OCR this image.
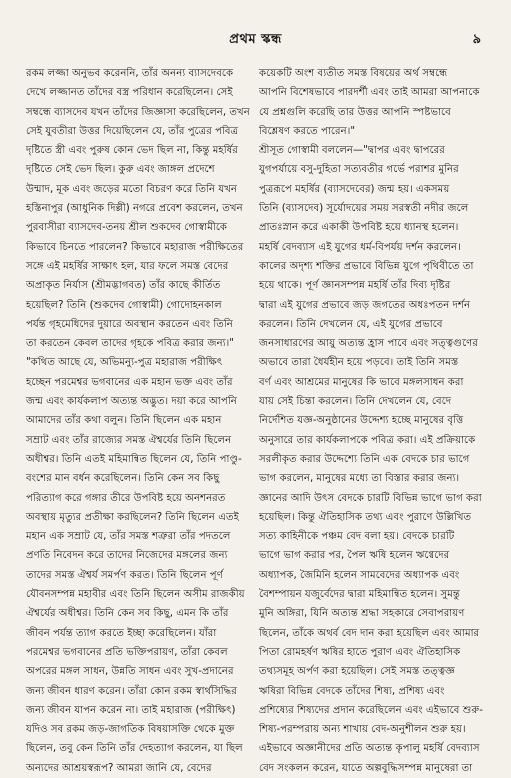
প্রথম স্কন্ধ	৯
রকম লজ্জা অনুভব করেননি, তাঁর অনন্য ব্যাসদেবকে
দেখে লজ্জানত তাঁদের বস্ত্র পরিধান করেছিলেন। সেই
সম্বন্ধে ব্যাসদেব যখন তাঁদের জিজ্ঞাসা করেছিলেন, তখন
সেই যুবতীরা উত্তর দিয়েছিলেন যে, তাঁর পুত্রের পবিত্র
দৃষ্টিতে স্ত্রী এবং পুরুষ কোন ভেদ ছিল না, কিন্তু মহর্ষির
দৃষ্টিতে সেই ভেদ ছিল। কুরু এবং জাঙ্গল প্রদেশে
উন্মাদ, মূক এবং জড়ের মতো বিচরণ করে তিনি যখন
হস্তিনাপুর (আধুনিক দিল্লী) নগরে প্রবেশ করলেন, তখন
পুরবাসীরা ব্যাসদেব-তনয় শ্রীল শুকদেব গোস্বামীকে
কিভাবে চিনতে পারলেন? কিভাবে মহারাজ পরীক্ষিতের
সঙ্গে এই মহর্ষির সাক্ষাৎ হল, যার ফলে সমস্ত বেদের
অপ্রাকৃত নির্যাস (শ্রীমদ্ভাগবত) তাঁর কাছে কীর্তিত
হয়েছিল? তিনি (শুকদেব গোস্বামী) গোদোহনকাল
পর্যন্ত গৃহমেধিদের দুয়ারে অবস্থান করতেন এবং তিনি
তা করতেন কেবল তাদের গৃহকে পবিত্র করার জন্য।"
"কথিত আছে যে, অভিমন্যু-পুত্র মহারাজ পরীক্ষিৎ
হচ্ছেন পরমেশ্বর ভগবানের এক মহান ভক্ত এবং তাঁর
জন্ম এবং কার্যকলাপ অত্যন্ত অদ্ভুত। দয়া করে আপনি
আমাদের তাঁর কথা বলুন। তিনি ছিলেন এক মহান
সম্রাট এবং তাঁর রাজ্যের সমস্ত ঐশ্বর্যের তিনি ছিলেন
অধীশ্বর। তিনি এতই মহিমান্বিত ছিলেন যে, তিনি পাণ্ডু-
বংশের মান বর্ধন করেছিলেন। তিনি কেন সব কিছু
পরিত্যাগ করে গঙ্গার তীরে উপবিষ্ট হয়ে অনশনরত
অবস্থায় মৃত্যুর প্রতীক্ষা করছিলেন? তিনি ছিলেন এতই
মহান এক সম্রাট যে, তাঁর সমস্ত শত্রুরা তাঁর পদতলে
প্রণতি নিবেদন করে তাদের নিজেদের মঙ্গলের জন্য
তাদের সমস্ত ঐশ্বর্য সমর্পণ করত। তিনি ছিলেন পূর্ণ
যৌবনসম্পন্ন মহাবীর এবং তিনি ছিলেন অসীম রাজকীয়
ঐশ্বর্যের অধীশ্বর। তিনি কেন সব কিছু, এমন কি তাঁর
জীবন পর্যন্ত ত্যাগ করতে ইচ্ছা করেছিলেন। যাঁরা
পরমেশ্বর ভগবানের প্রতি ভক্তিপরায়ণ, তাঁরা কেবল
অপরের মঙ্গল সাধন, উন্নতি সাধন এবং সুখ-প্রদানের
জন্য জীবন ধারণ করেন। তাঁরা কোন রকম স্বার্থসিদ্ধির
জন্য জীবন যাপন করেন না। তাই মহারাজ (পরীক্ষিৎ)
যদিও সব রকম জড়-জাগতিক বিষয়াসক্তি থেকে মুক্ত
ছিলেন, তবু কেন তিনি তাঁর দেহত্যাগ করলেন, যা ছিল
অন্যদের আশ্রয়স্বরূপ? আমরা জানি যে, বেদের
কয়েকটি অংশ ব্যতীত সমস্ত বিষয়ের অর্থ সম্বন্ধে
আপনি বিশেষভাবে পারদর্শী এবং তাই আমরা আপনাকে
যে প্রশ্নগুলি করেছি তার উত্তর আপনি স্পষ্টভাবে
বিশ্লেষণ করতে পারেন।"
শ্রীসূত গোস্বামী বললেন—"দ্বাপর এবং দ্বাপরের
যুগপর্যায়ে বসু-দুহিতা সত্যবতীর গর্ভে পরাশর মুনির
পুত্ররূপে মহর্ষির (ব্যাসদেবের) জন্ম হয়। একসময়
তিনি (ব্যাসদেব) সূর্যোদয়ের সময় সরস্বতী নদীর জলে
প্রাতঃস্নান করে একাকী উপবিষ্ট হয়ে ধ্যানস্থ হলেন।
মহর্ষি বেদব্যাস এই যুগের ধর্ম-বিপর্যয় দর্শন করলেন।
কালের অদৃশ্য শক্তির প্রভাবে বিভিন্ন যুগে পৃথিবীতে তা
হয়ে থাকে। পূর্ণ জ্ঞানসম্পন্ন মহর্ষি তাঁর দিব্য দৃষ্টির
দ্বারা এই যুগের প্রভাবে জড় জগতের অধঃপতন দর্শন
করলেন। তিনি দেখলেন যে, এই যুগের প্রভাবে
জনসাধারণের আয়ু অত্যন্ত হ্রাস পাবে এবং সত্ত্বগুণের
অভাবে তারা ধৈর্যহীন হয়ে পড়বে। তাই তিনি সমস্ত
বর্ণ এবং আশ্রমের মানুষের কি ভাবে মঙ্গলসাধন করা
যায় সেই চিন্তা করলেন। তিনি দেখলেন যে, বেদে
নির্দেশিত যজ্ঞ-অনুষ্ঠানের উদ্দেশ্য হচ্ছে মানুষের বৃত্তি
অনুসারে তার কার্যকলাপকে পবিত্র করা। এই প্রক্রিয়াকে
সরলীকৃত করার উদ্দেশ্যে তিনি এক বেদকে চার ভাগে
ভাগ করলেন, মানুষের মধ্যে তা বিস্তার করার জন্য।
জ্ঞানের আদি উৎস বেদকে চারটি বিভিন্ন ভাগে ভাগ করা
হয়েছিল। কিন্তু ঐতিহাসিক তথ্য এবং পুরাণে উল্লিখিত
সত্য কাহিনীকে পঞ্চম বেদ বলা হয়। বেদকে চারটি
ভাগে ভাগ করার পর, পৈল ঋষি হলেন ঋগ্বেদের
অধ্যাপক, জৈমিনি হলেন সামবেদের অধ্যাপক এবং
বৈশম্পায়ন যজুর্বেদের দ্বারা মহিমান্বিত হলেন। সুমন্তু
মুনি অঙ্গিরা, যিনি অত্যন্ত শ্রদ্ধা সহকারে সেবাপরায়ণ
ছিলেন, তাঁকে অথর্ব বেদ দান করা হয়েছিল এবং আমার
পিতা রোমহর্ষণ ঋষির হাতে পুরাণ এবং ঐতিহাসিক
তথ্যসমূহ অর্পণ করা হয়েছিল। সেই সমস্ত তত্ত্বজ্ঞ
ঋষিরা বিভিন্ন বেদকে তাঁদের শিষ্য, প্রশিষ্য এবং
প্রশিষ্যের শিষ্যদের প্রদান করেছিলেন এবং এইভাবে শুরু-
শিষ্য-পরম্পরায় অন্য শাখায় বেদ-অনুশীলন শুরু হয়।
এইভাবে অজ্ঞানীদের প্রতি অত্যন্ত কৃপালু মহর্ষি বেদব্যাস
বেদ সংকলন করেন, যাতে অল্পবুদ্ধিসম্পন্ন মানুষেরা তা
